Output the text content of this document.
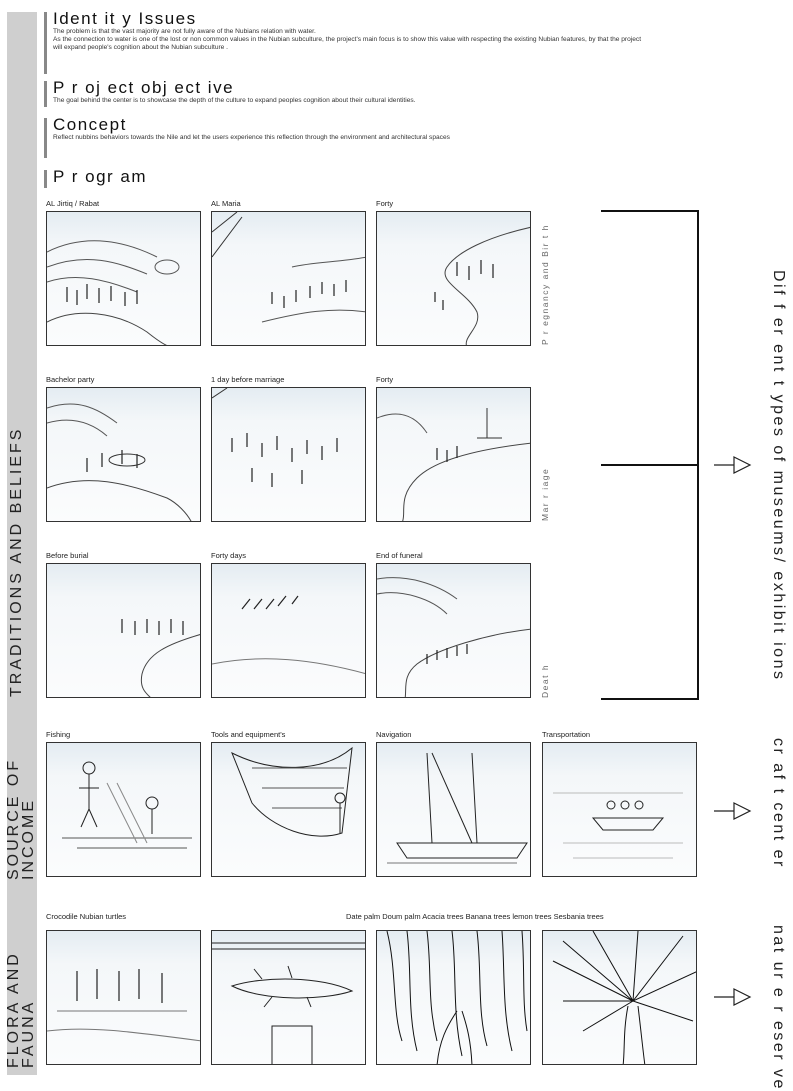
Ident it y Issues

The problem is that the vast majority are not fully aware of the Nubians relation with water.
As the connection to water is one of the lost or non common values in the Nubian subculture, the project's main focus is to show this value with respecting the existing Nubian features, by that the project will expand people's cognition about the Nubian subculture .

P r oj ect obj ect ive

The goal behind the center is to showcase the depth of the culture to expand peoples cognition about their cultural identities.

Concept

Reflect nubbins behaviors towards the Nile and let the users experience this reflection through the environment and architectural spaces

P r ogr am
TRADITIONS AND BELIEFS
SOURCE OF
INCOME
FLORA AND
FAUNA
Dif f er ent t ypes of museums/ exhibit ions
cr af t cent er
nat ur e r eser ve
P r egnancy and Bir t h
Mar r iage
Deat h
AL Jirtiq / Rabat	AL Maria	Forty
Bachelor party	1 day before marriage	Forty
Before burial	Forty days	End of funeral
Fishing	Tools and equipment's	Navigation	Transportation
Crocodile Nubian turtles	Date palm Doum palm Acacia trees Banana trees lemon trees Sesbania trees
